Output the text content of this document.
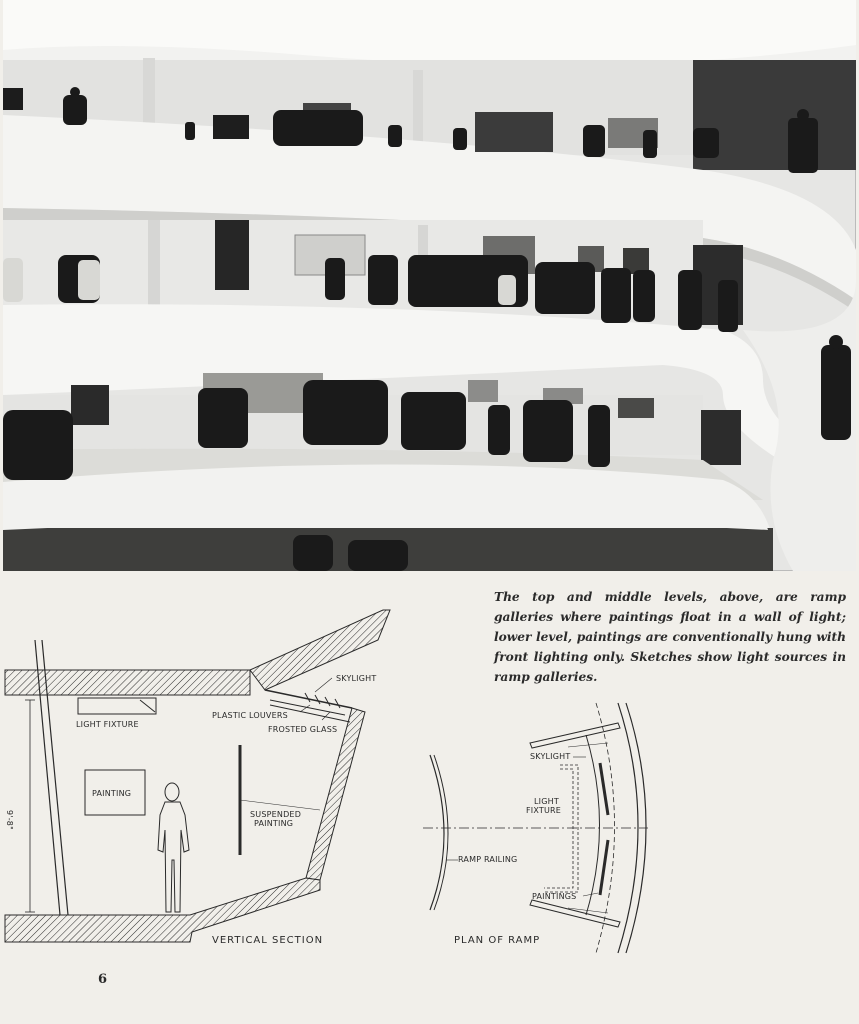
The top and middle levels, above, are ramp galleries where paintings float in a wall of light; lower level, paintings are conventionally hung with front lighting only. Sketches show light sources in ramp galleries.

SKYLIGHT
PLASTIC LOUVERS
FROSTED GLASS
LIGHT FIXTURE
PAINTING
SUSPENDED
PAINTING
9'-8"
VERTICAL SECTION
SKYLIGHT
LIGHT
FIXTURE
RAMP RAILING
PAINTINGS
PLAN OF RAMP
6
